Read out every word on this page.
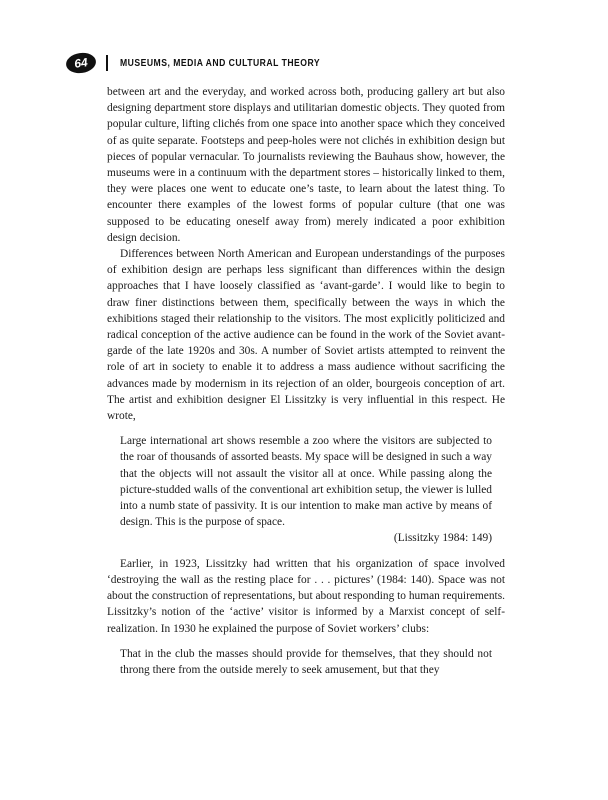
64	MUSEUMS, MEDIA AND CULTURAL THEORY

between art and the everyday, and worked across both, producing gallery art but also designing department store displays and utilitarian domestic objects. They quoted from popular culture, lifting clichés from one space into another space which they conceived of as quite separate. Footsteps and peep-holes were not clichés in exhibition design but pieces of popular vernacular. To journalists reviewing the Bauhaus show, however, the museums were in a continuum with the department stores – historically linked to them, they were places one went to educate one’s taste, to learn about the latest thing. To encounter there examples of the lowest forms of popular culture (that one was supposed to be educating oneself away from) merely indicated a poor exhibition design decision.

Differences between North American and European understandings of the purposes of exhibition design are perhaps less significant than differences within the design approaches that I have loosely classified as ‘avant-garde’. I would like to begin to draw finer distinctions between them, specifically between the ways in which the exhibitions staged their relationship to the visitors. The most explicitly politicized and radical conception of the active audience can be found in the work of the Soviet avant-garde of the late 1920s and 30s. A number of Soviet artists attempted to reinvent the role of art in society to enable it to address a mass audience without sacrificing the advances made by modernism in its rejection of an older, bourgeois conception of art. The artist and exhibition designer El Lissitzky is very influential in this respect. He wrote,

Large international art shows resemble a zoo where the visitors are subjected to the roar of thousands of assorted beasts. My space will be designed in such a way that the objects will not assault the visitor all at once. While passing along the picture-studded walls of the conventional art exhibition setup, the viewer is lulled into a numb state of passivity. It is our intention to make man active by means of design. This is the purpose of space.

(Lissitzky 1984: 149)

Earlier, in 1923, Lissitzky had written that his organization of space involved ‘destroying the wall as the resting place for . . . pictures’ (1984: 140). Space was not about the construction of representations, but about responding to human requirements. Lissitzky’s notion of the ‘active’ visitor is informed by a Marxist concept of self-realization. In 1930 he explained the purpose of Soviet workers’ clubs:

That in the club the masses should provide for themselves, that they should not throng there from the outside merely to seek amusement, but that they
